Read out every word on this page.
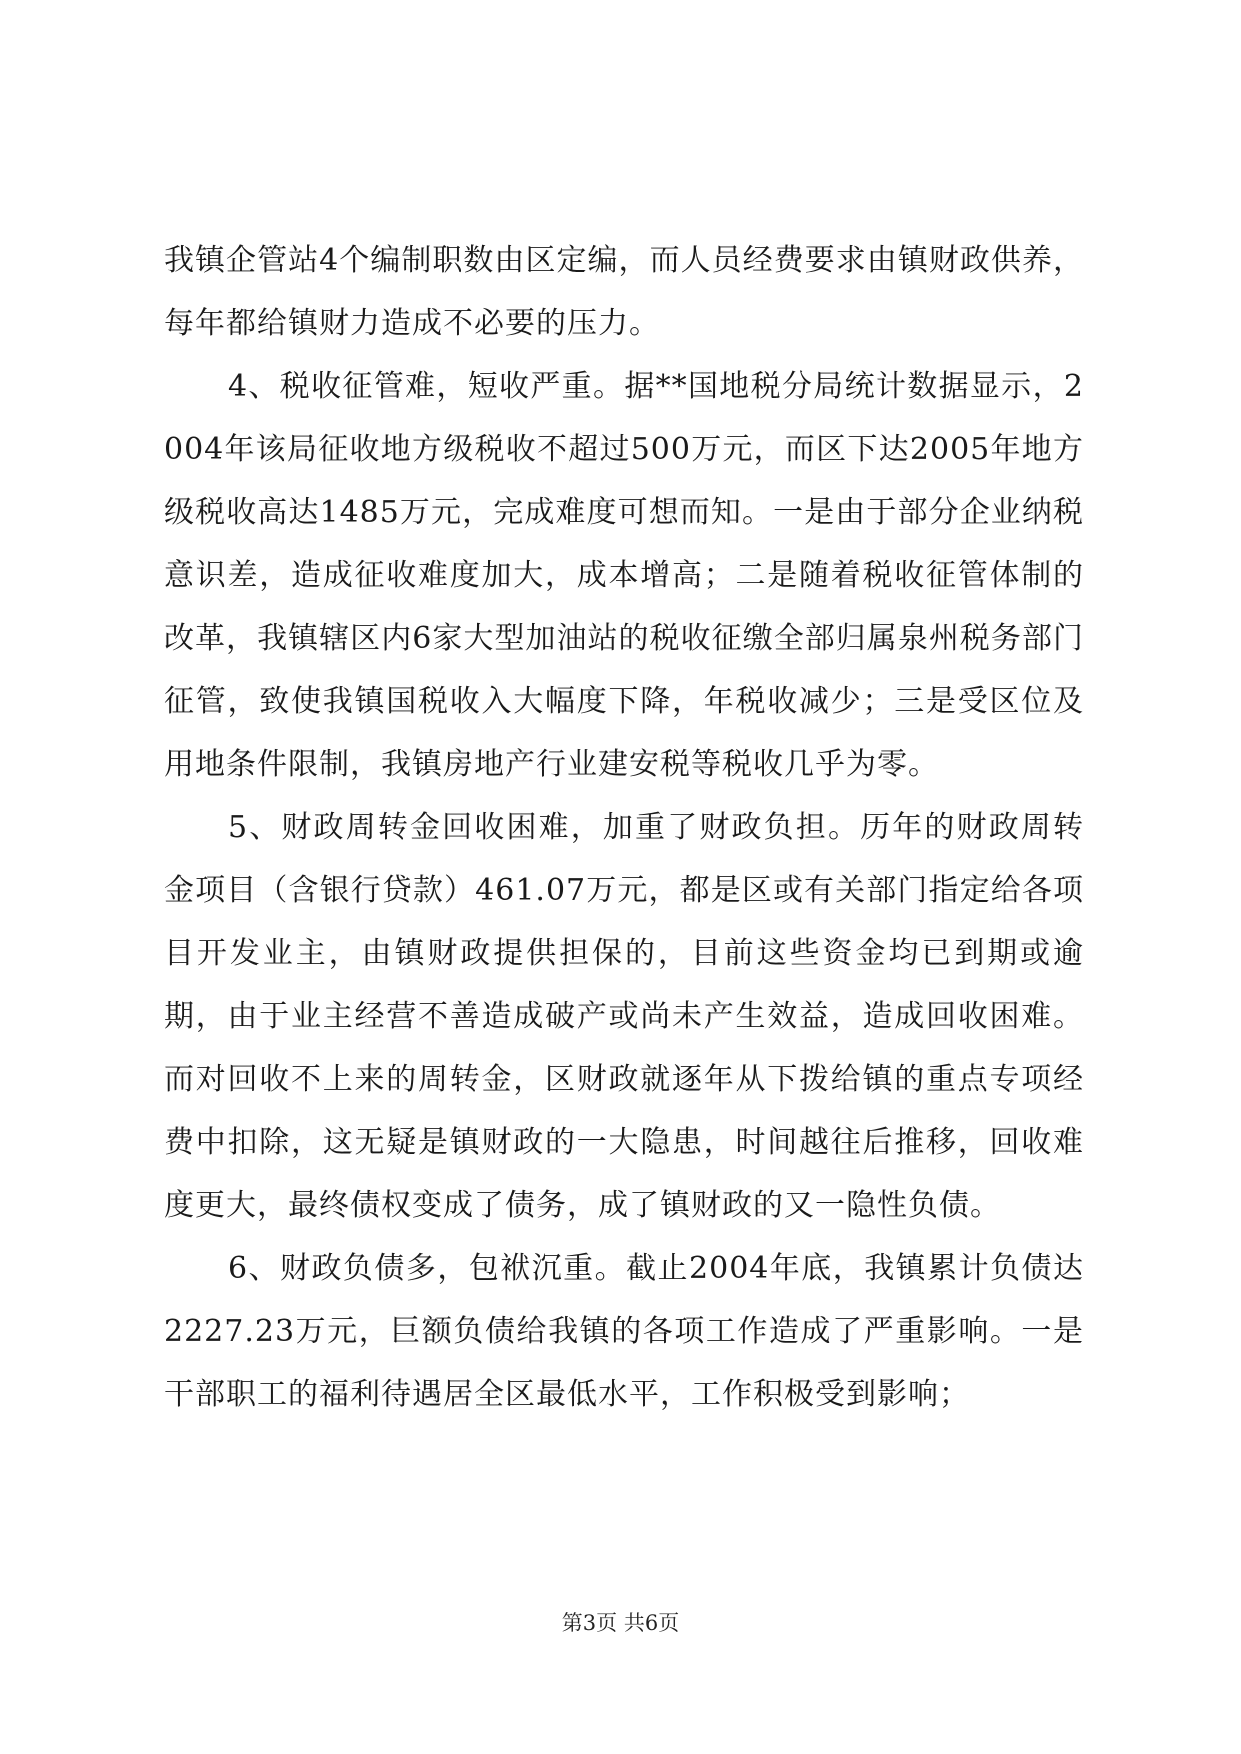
我镇企管站4个编制职数由区定编，而人员经费要求由镇财政供养，每年都给镇财力造成不必要的压力。

4、税收征管难，短收严重。据**国地税分局统计数据显示，2004年该局征收地方级税收不超过500万元，而区下达2005年地方级税收高达1485万元，完成难度可想而知。一是由于部分企业纳税意识差，造成征收难度加大，成本增高；二是随着税收征管体制的改革，我镇辖区内6家大型加油站的税收征缴全部归属泉州税务部门征管，致使我镇国税收入大幅度下降，年税收减少；三是受区位及用地条件限制，我镇房地产行业建安税等税收几乎为零。

5、财政周转金回收困难，加重了财政负担。历年的财政周转金项目（含银行贷款）461.07万元，都是区或有关部门指定给各项目开发业主，由镇财政提供担保的，目前这些资金均已到期或逾期，由于业主经营不善造成破产或尚未产生效益，造成回收困难。而对回收不上来的周转金，区财政就逐年从下拨给镇的重点专项经费中扣除，这无疑是镇财政的一大隐患，时间越往后推移，回收难度更大，最终债权变成了债务，成了镇财政的又一隐性负债。

6、财政负债多，包袱沉重。截止2004年底，我镇累计负债达2227.23万元，巨额负债给我镇的各项工作造成了严重影响。一是干部职工的福利待遇居全区最低水平，工作积极受到影响；

第3页 共6页
